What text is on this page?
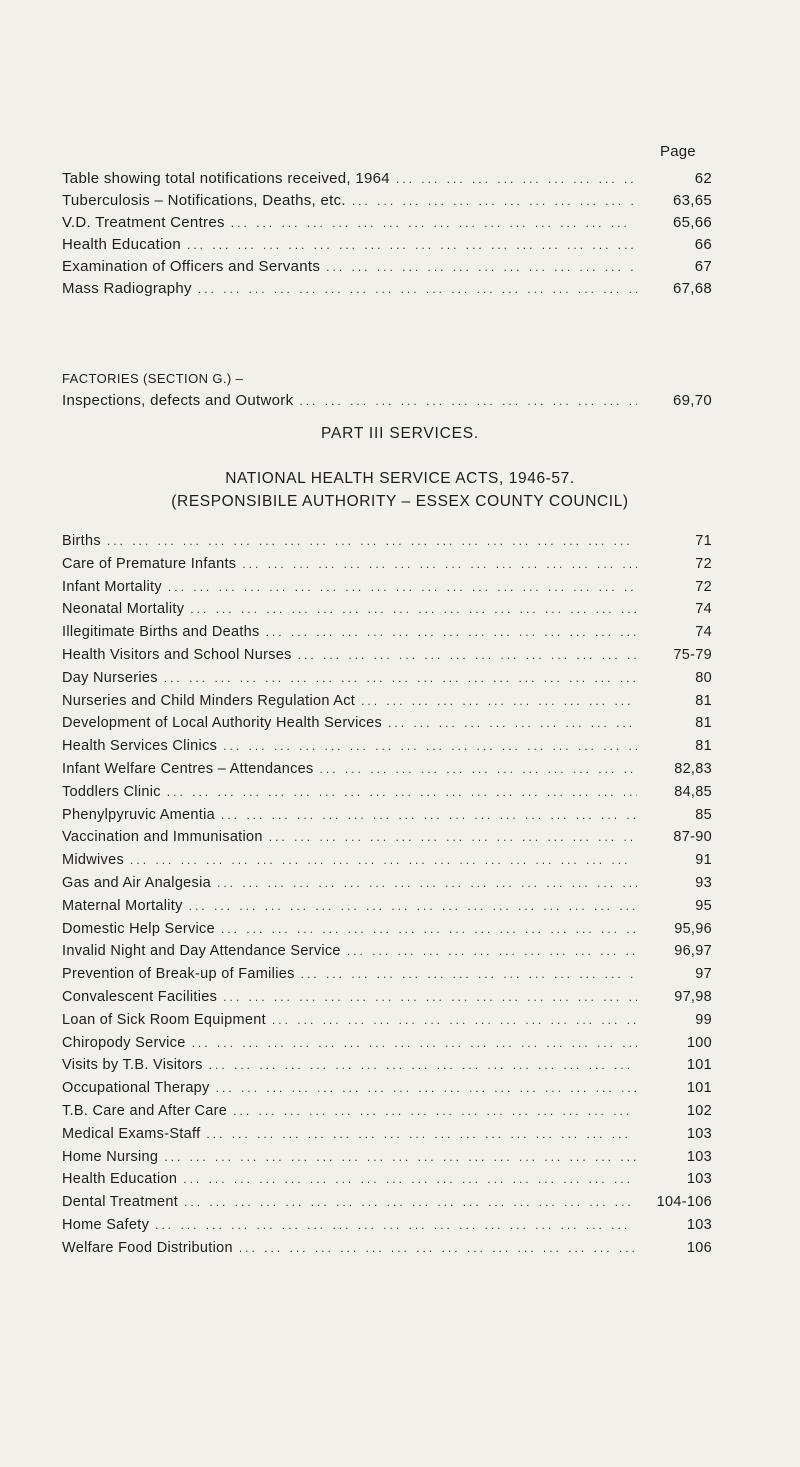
Page
Table showing total notifications received, 1964 ... .	62
Tuberculosis – Notifications, Deaths, etc. ... .	63,65
V.D. Treatment Centres ... .	65,66
Health Education ... .	66
Examination of Officers and Servants ... .	67
Mass Radiography ... .	67,68
FACTORIES (SECTION G.) –
Inspections, defects and Outwork ... .	69,70
PART III SERVICES.
NATIONAL HEALTH SERVICE ACTS, 1946-57.
(RESPONSIBILE AUTHORITY – ESSEX COUNTY COUNCIL)
Births ... .	71
Care of Premature Infants ... .	72
Infant Mortality ... .	72
Neonatal Mortality ... .	74
Illegitimate Births and Deaths ... .	74
Health Visitors and School Nurses ... .	75-79
Day Nurseries ... .	80
Nurseries and Child Minders Regulation Act ... .	81
Development of Local Authority Health Services ... .	81
Health Services Clinics ... .	81
Infant Welfare Centres – Attendances ... .	82,83
Toddlers Clinic ... .	84,85
Phenylpyruvic Amentia ... .	85
Vaccination and Immunisation ... .	87-90
Midwives ... .	91
Gas and Air Analgesia ... .	93
Maternal Mortality ... .	95
Domestic Help Service ... .	95,96
Invalid Night and Day Attendance Service ... .	96,97
Prevention of Break-up of Families ... .	97
Convalescent Facilities ... .	97,98
Loan of Sick Room Equipment ... .	99
Chiropody Service ... .	100
Visits by T.B. Visitors ... .	101
Occupational Therapy ... .	101
T.B. Care and After Care ... .	102
Medical Exams-Staff ... .	103
Home Nursing ... .	103
Health Education ... .	103
Dental Treatment ... .	104-106
Home Safety ... .	103
Welfare Food Distribution ... .	106
